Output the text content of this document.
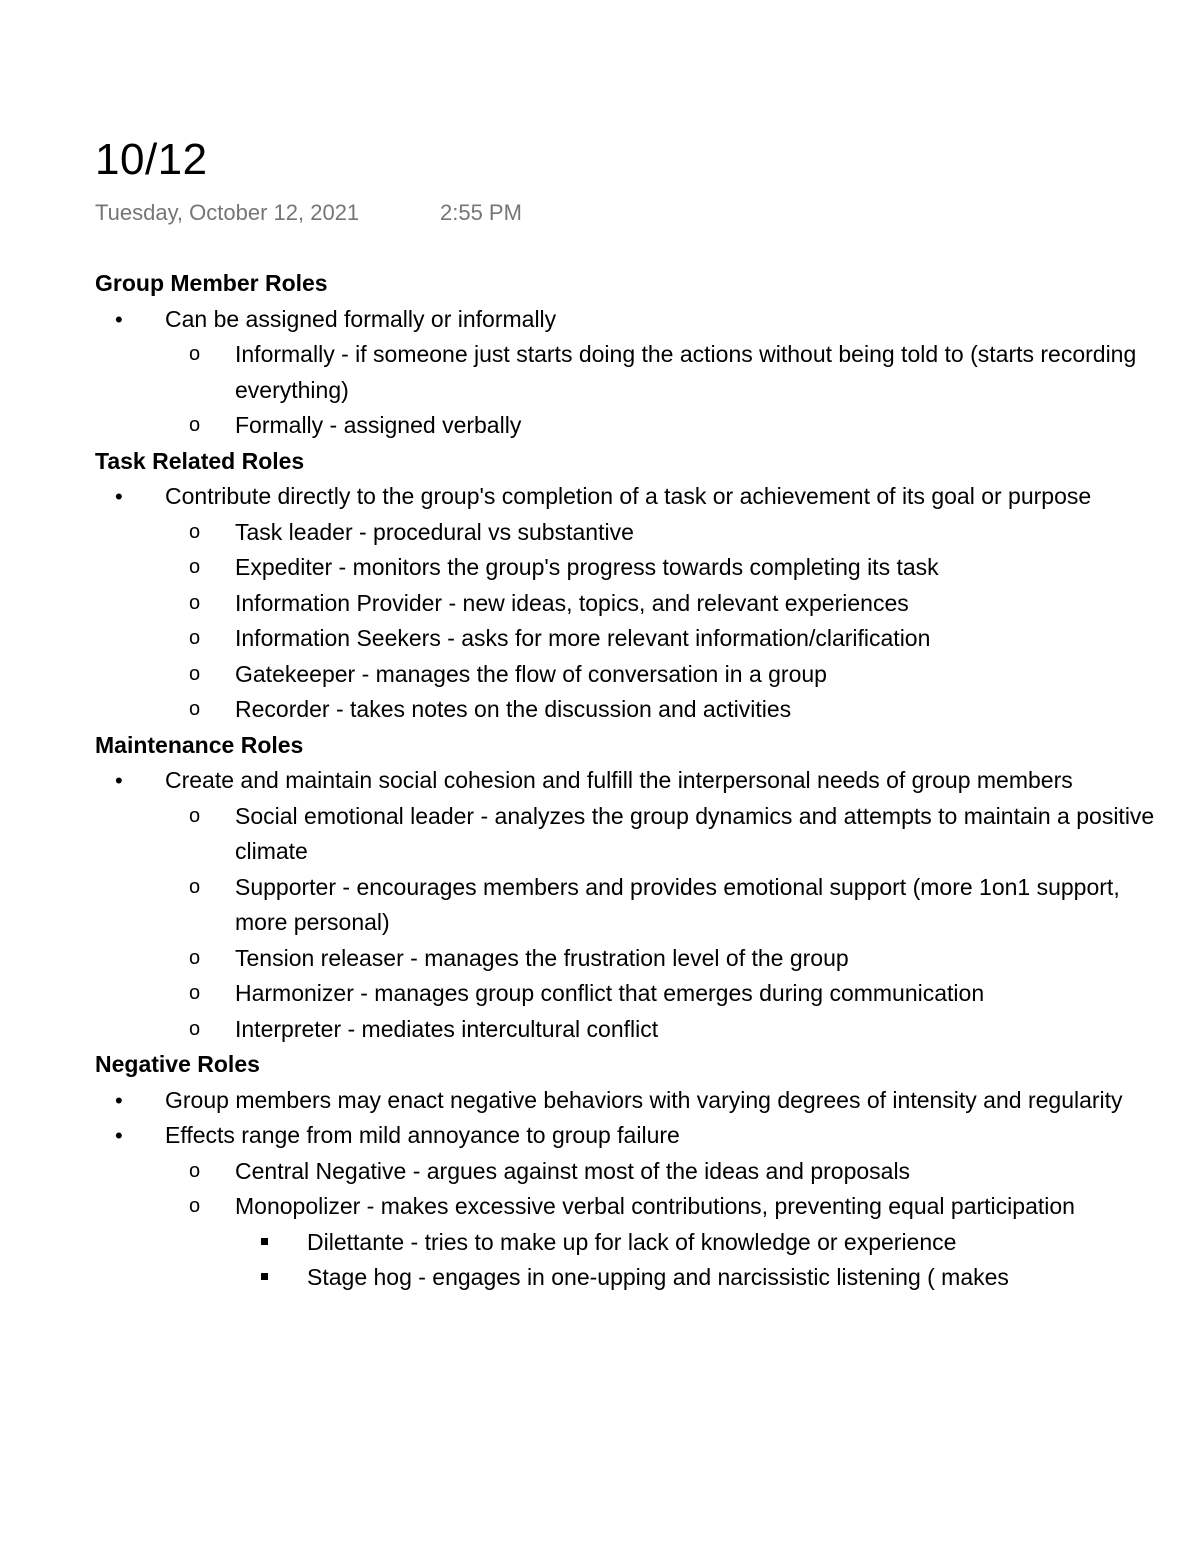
10/12
Tuesday, October 12, 2021	2:55 PM
Group Member Roles
•	Can be assigned formally or informally
o	Informally - if someone just starts doing the actions without being told to (starts recording everything)
o	Formally - assigned verbally
Task Related Roles
•	Contribute directly to the group's completion of a task or achievement of its goal or purpose
o	Task leader - procedural vs substantive
o	Expediter - monitors the group's progress towards completing its task
o	Information Provider - new ideas, topics, and relevant experiences
o	Information Seekers - asks for more relevant information/clarification
o	Gatekeeper - manages the flow of conversation in a group
o	Recorder - takes notes on the discussion and activities
Maintenance Roles
•	Create and maintain social cohesion and fulfill the interpersonal needs of group members
o	Social emotional leader - analyzes the group dynamics and attempts to maintain a positive climate
o	Supporter - encourages members and provides emotional support (more 1on1 support, more personal)
o	Tension releaser - manages the frustration level of the group
o	Harmonizer - manages group conflict that emerges during communication
o	Interpreter - mediates intercultural conflict
Negative Roles
•	Group members may enact negative behaviors with varying degrees of intensity and regularity
•	Effects range from mild annoyance to group failure
o	Central Negative - argues against most of the ideas and proposals
o	Monopolizer - makes excessive verbal contributions, preventing equal participation
Dilettante - tries to make up for lack of knowledge or experience
Stage hog - engages in one-upping and narcissistic listening ( makes
